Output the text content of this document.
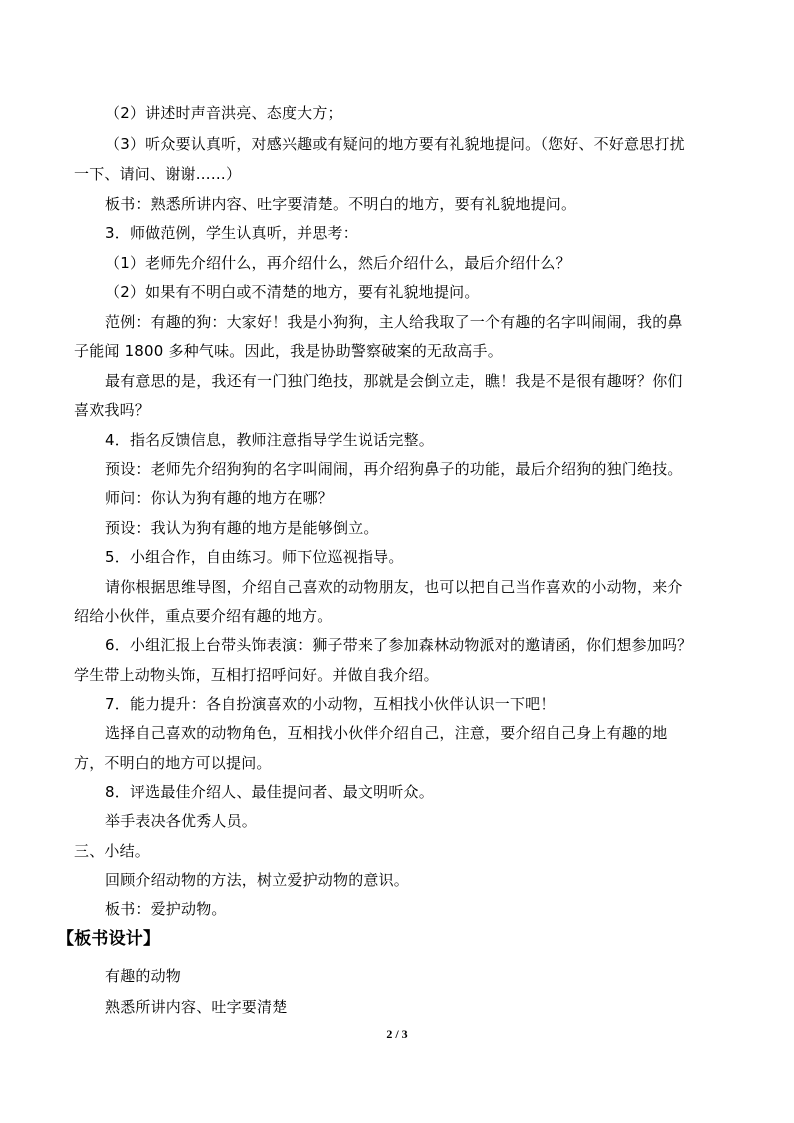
（2）讲述时声音洪亮、态度大方；
（3）听众要认真听，对感兴趣或有疑问的地方要有礼貌地提问。（您好、不好意思打扰
一下、请问、谢谢……）
板书：熟悉所讲内容、吐字要清楚。不明白的地方，要有礼貌地提问。
3．师做范例，学生认真听，并思考：
（1）老师先介绍什么，再介绍什么，然后介绍什么，最后介绍什么？
（2）如果有不明白或不清楚的地方，要有礼貌地提问。
范例：有趣的狗：大家好！我是小狗狗，主人给我取了一个有趣的名字叫闹闹，我的鼻
子能闻 1800 多种气味。因此，我是协助警察破案的无敌高手。
最有意思的是，我还有一门独门绝技，那就是会倒立走，瞧！我是不是很有趣呀？你们
喜欢我吗？
4．指名反馈信息，教师注意指导学生说话完整。
预设：老师先介绍狗狗的名字叫闹闹，再介绍狗鼻子的功能，最后介绍狗的独门绝技。
师问：你认为狗有趣的地方在哪？
预设：我认为狗有趣的地方是能够倒立。
5．小组合作，自由练习。师下位巡视指导。
请你根据思维导图，介绍自己喜欢的动物朋友，也可以把自己当作喜欢的小动物，来介
绍给小伙伴，重点要介绍有趣的地方。
6．小组汇报上台带头饰表演：狮子带来了参加森林动物派对的邀请函，你们想参加吗？
学生带上动物头饰，互相打招呼问好。并做自我介绍。
7．能力提升：各自扮演喜欢的小动物，互相找小伙伴认识一下吧！
选择自己喜欢的动物角色，互相找小伙伴介绍自己，注意，要介绍自己身上有趣的地
方，不明白的地方可以提问。
8．评选最佳介绍人、最佳提问者、最文明听众。
举手表决各优秀人员。
三、小结。
回顾介绍动物的方法，树立爱护动物的意识。
板书：爱护动物。
【板书设计】
有趣的动物
熟悉所讲内容、吐字要清楚
2 / 3
